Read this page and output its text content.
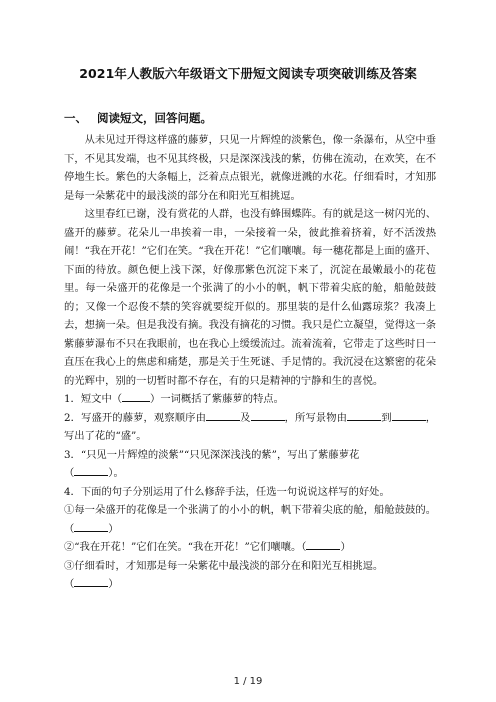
2021年人教版六年级语文下册短文阅读专项突破训练及答案
一、 阅读短文，回答问题。

从未见过开得这样盛的藤萝，只见一片辉煌的淡紫色，像一条瀑布，从空中垂下，不见其发端，也不见其终极，只是深深浅浅的紫，仿佛在流动，在欢笑，在不停地生长。紫色的大条幅上，泛着点点银光，就像迸溅的水花。仔细看时，才知那是每一朵紫花中的最浅淡的部分在和阳光互相挑逗。

这里春红已谢，没有赏花的人群，也没有蜂围蝶阵。有的就是这一树闪光的、盛开的藤萝。花朵儿一串挨着一串，一朵接着一朵，彼此推着挤着，好不活泼热闹！“我在开花！”它们在笑。“我在开花！”它们嚷嚷。每一穗花都是上面的盛开、下面的待放。颜色便上浅下深，好像那紫色沉淀下来了，沉淀在最嫩最小的花苞里。每一朵盛开的花像是一个张满了的小小的帆，帆下带着尖底的舱，船舱鼓鼓的；又像一个忍俊不禁的笑容就要绽开似的。那里装的是什么仙露琼浆？我凑上去，想摘一朵。但是我没有摘。我没有摘花的习惯。我只是伫立凝望，觉得这一条紫藤萝瀑布不只在我眼前，也在我心上缓缓流过。流着流着，它带走了这些时日一直压在我心上的焦虑和痛楚，那是关于生死谜、手足情的。我沉浸在这繁密的花朵的光辉中，别的一切暂时都不存在，有的只是精神的宁静和生的喜悦。

1．短文中（	）一词概括了紫藤萝的特点。

2．写盛开的藤萝，观察顺序由	及	，所写景物由	到	，写出了花的“盛”。

3．“只见一片辉煌的淡紫”“只见深深浅浅的紫”，写出了紫藤萝花
（	）。

4．下面的句子分别运用了什么修辞手法，任选一句说说这样写的好处。

①每一朵盛开的花像是一个张满了的小小的帆，帆下带着尖底的舱，船舱鼓鼓的。（	）

②“我在开花！”它们在笑。“我在开花！”它们嚷嚷。（	）

③仔细看时，才知那是每一朵紫花中最浅淡的部分在和阳光互相挑逗。
（	）

1 / 19
